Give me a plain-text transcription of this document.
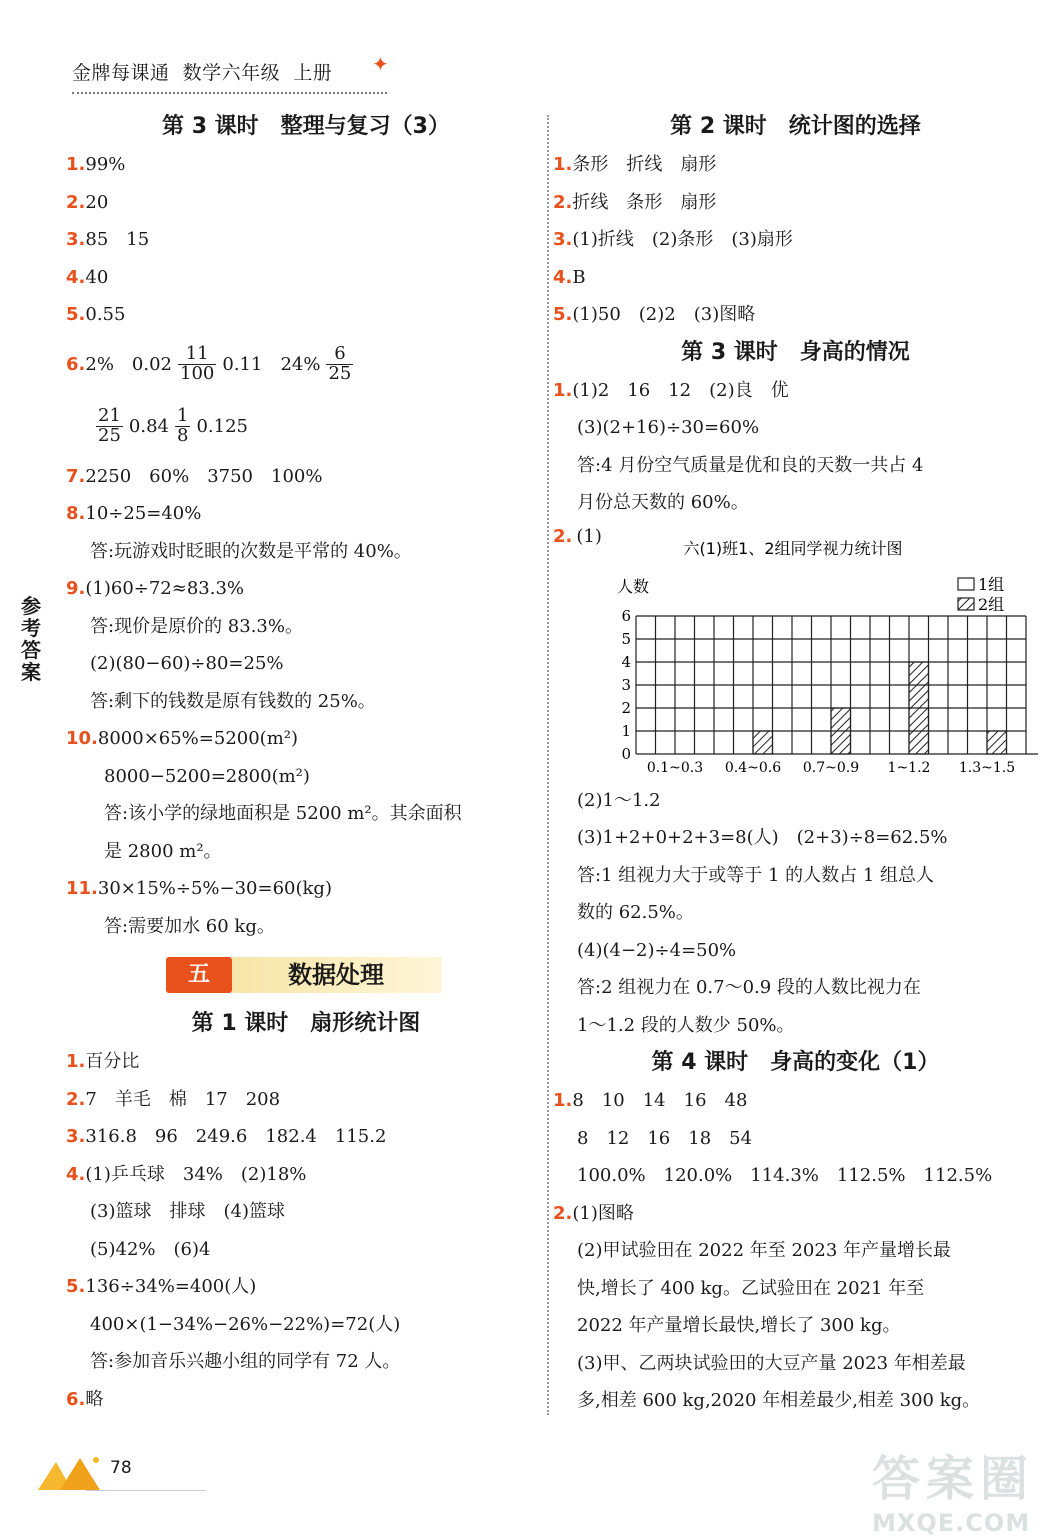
金牌每课通 数学六年级 上册	✦
参考答案
第 3 课时　整理与复习（3）
1.99%
2.20
3.85　15
4.40
5.0.55
6.2%　$0.02 \frac{11}{100} 0.11$　$24\% \frac{6}{25}$
$\frac{21}{25} 0.84 \frac{1}{8} 0.125$
7.2250　60%　3750　100%
8.10÷25=40%
答:玩游戏时眨眼的次数是平常的 40%。
9.(1)60÷72≈83.3%
答:现价是原价的 83.3%。
(2)(80−60)÷80=25%
答:剩下的钱数是原有钱数的 25%。
10.8000×65%=5200(m²)
8000−5200=2800(m²)
答:该小学的绿地面积是 5200 m²。其余面积
是 2800 m²。
11.30×15%÷5%−30=60(kg)
答:需要加水 60 kg。
五	数据处理
第 1 课时　扇形统计图
1.百分比
2.7　羊毛　棉　17　208
3.316.8　96　249.6　182.4　115.2
4.(1)乒乓球　34%　(2)18%
(3)篮球　排球　(4)篮球
(5)42%　(6)4
5.136÷34%=400(人)
400×(1−34%−26%−22%)=72(人)
答:参加音乐兴趣小组的同学有 72 人。
6.略
第 2 课时　统计图的选择
1.条形　折线　扇形
2.折线　条形　扇形
3.(1)折线　(2)条形　(3)扇形
4.B
5.(1)50　(2)2　(3)图略
第 3 课时　身高的情况
1.(1)2　16　12　(2)良　优
(3)(2+16)÷30=60%
答:4 月份空气质量是优和良的天数一共占 4
月份总天数的 60%。
2. (1)
六(1)班1、2组同学视力统计图
人数
0
1
2
3
4
5
6
0.1~0.3 0.4~0.6 0.7~0.9 1~1.2 1.3~1.5
1组
2组
(2)1～1.2
(3)1+2+0+2+3=8(人)　(2+3)÷8=62.5%
答:1 组视力大于或等于 1 的人数占 1 组总人
数的 62.5%。
(4)(4−2)÷4=50%
答:2 组视力在 0.7～0.9 段的人数比视力在
1～1.2 段的人数少 50%。
第 4 课时　身高的变化（1）
1.8　10　14　16　48
8　12　16　18　54
100.0%　120.0%　114.3%　112.5%　112.5%
2.(1)图略
(2)甲试验田在 2022 年至 2023 年产量增长最
快,增长了 400 kg。乙试验田在 2021 年至
2022 年产量增长最快,增长了 300 kg。
(3)甲、乙两块试验田的大豆产量 2023 年相差最
多,相差 600 kg,2020 年相差最少,相差 300 kg。
78	答案圈
MXQE.COM
